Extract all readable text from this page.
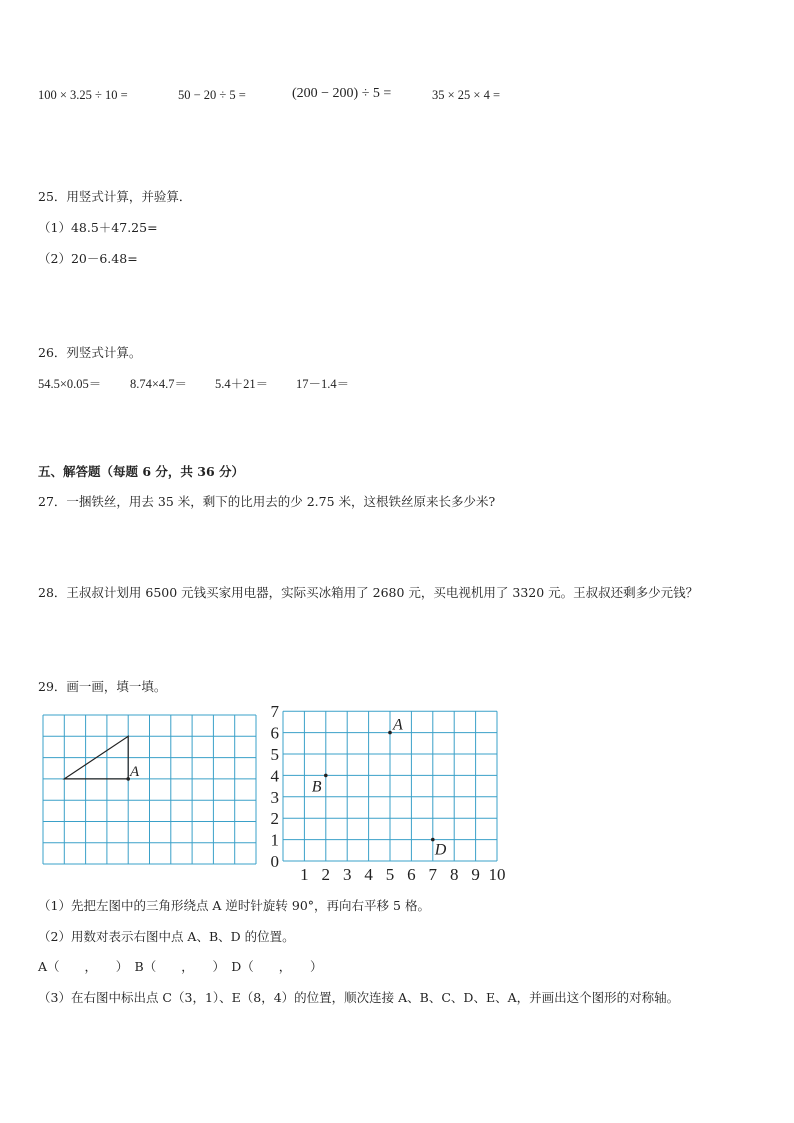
100 × 3.25 ÷ 10 =	50 − 20 ÷ 5 =	(200 − 200) ÷ 5 =	35 × 25 × 4 =
25．用竖式计算，并验算．
（1）48.5＋47.25=
（2）20－6.48=
26．列竖式计算。
54.5×0.05＝ 8.74×4.7＝ 5.4＋21＝ 17－1.4＝
五、解答题（每题 6 分，共 36 分）
27．一捆铁丝，用去 35 米，剩下的比用去的少 2.75 米，这根铁丝原来长多少米?
28．王叔叔计划用 6500 元钱买家用电器，实际买冰箱用了 2680 元，买电视机用了 3320 元。王叔叔还剩多少元钱？
29．画一画，填一填。
A
1 2 3 4 5 6 7 8 9 10
0
1
2
3
4
5
6
7
A
B
D
（1）先把左图中的三角形绕点 A 逆时针旋转 90°，再向右平移 5 格。
（2）用数对表示右图中点 A、B、D 的位置。
A（　　，　　）　B（　　，　　）　D（　　，　　）
（3）在右图中标出点 C（3，1）、E（8，4）的位置，顺次连接 A、B、C、D、E、A，并画出这个图形的对称轴。
